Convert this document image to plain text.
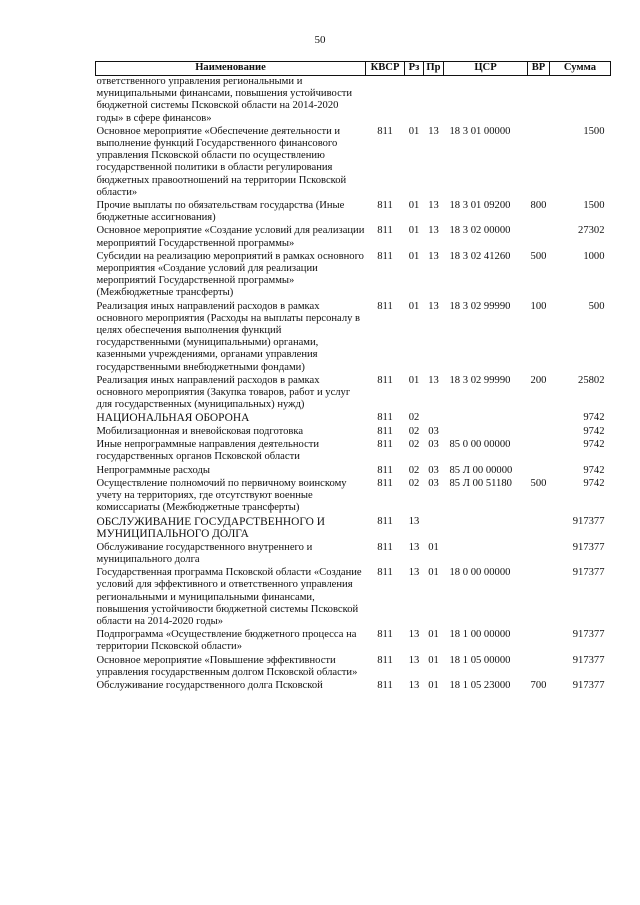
50
Наименование	КВСР	Рз	Пр	ЦСР	ВР	Сумма
ответственного управления региональными и муниципальными финансами, повышения устойчивости бюджетной системы Псковской области на 2014-2020 годы» в сфере финансов»						
Основное мероприятие «Обеспечение деятельности и выполнение функций Государственного финансового управления Псковской области по осуществлению государственной политики в области регулирования бюджетных правоотношений на территории Псковской области»	811	01	13	18 3 01 00000		1500
Прочие выплаты по обязательствам государства (Иные бюджетные ассигнования)	811	01	13	18 3 01 09200	800	1500
Основное мероприятие «Создание условий для реализации мероприятий Государственной программы»	811	01	13	18 3 02 00000		27302
Субсидии на реализацию мероприятий в рамках основного мероприятия «Создание условий для реализации мероприятий Государственной программы» (Межбюджетные трансферты)	811	01	13	18 3 02 41260	500	1000
Реализация иных направлений расходов в рамках основного мероприятия (Расходы на выплаты персоналу в целях обеспечения выполнения функций государственными (муниципальными) органами, казенными учреждениями, органами управления государственными внебюджетными фондами)	811	01	13	18 3 02 99990	100	500
Реализация иных направлений расходов в рамках основного мероприятия (Закупка товаров, работ и услуг для государственных (муниципальных) нужд)	811	01	13	18 3 02 99990	200	25802
НАЦИОНАЛЬНАЯ ОБОРОНА	811	02				9742
Мобилизационная и вневойсковая подготовка	811	02	03			9742
Иные непрограммные направления деятельности государственных органов Псковской области	811	02	03	85 0 00 00000		9742
Непрограммные расходы	811	02	03	85 Л 00 00000		9742
Осуществление полномочий по первичному воинскому учету на территориях, где отсутствуют военные комиссариаты (Межбюджетные трансферты)	811	02	03	85 Л 00 51180	500	9742
ОБСЛУЖИВАНИЕ ГОСУДАРСТВЕННОГО И МУНИЦИПАЛЬНОГО ДОЛГА	811	13				917377
Обслуживание государственного внутреннего и муниципального долга	811	13	01			917377
Государственная программа Псковской области «Создание условий для эффективного и ответственного управления региональными и муниципальными финансами, повышения устойчивости бюджетной системы Псковской области на 2014-2020 годы»	811	13	01	18 0 00 00000		917377
Подпрограмма «Осуществление бюджетного процесса на территории Псковской области»	811	13	01	18 1 00 00000		917377
Основное мероприятие «Повышение эффективности управления государственным долгом Псковской области»	811	13	01	18 1 05 00000		917377
Обслуживание государственного долга Псковской	811	13	01	18 1 05 23000	700	917377
